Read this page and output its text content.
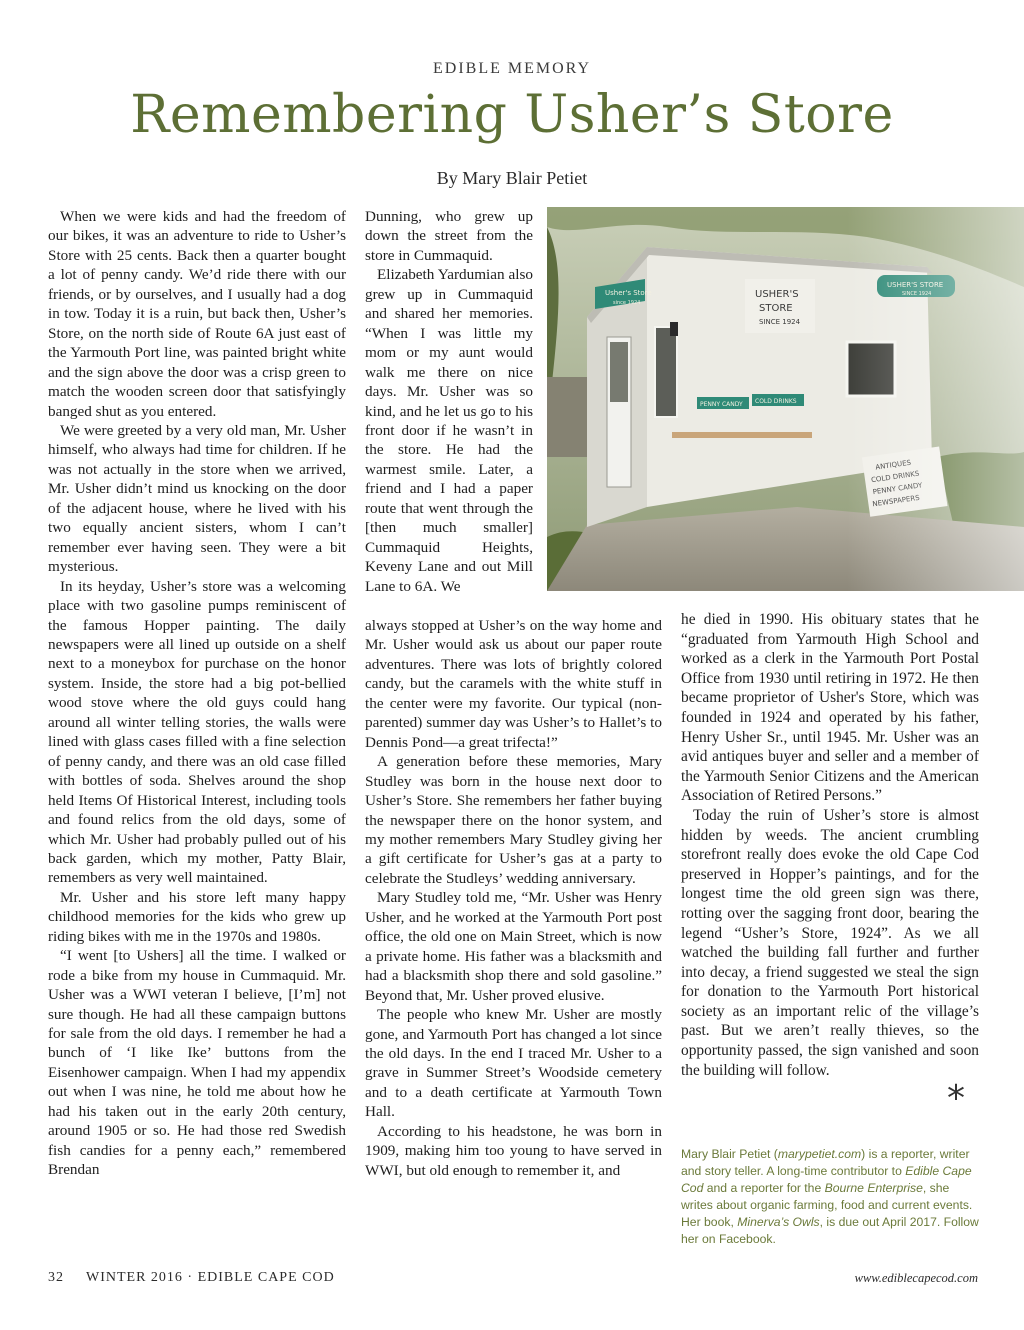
EDIBLE MEMORY
Remembering Usher’s Store
By Mary Blair Petiet

When we were kids and had the freedom of our bikes, it was an adventure to ride to Usher’s Store with 25 cents. Back then a quarter bought a lot of penny candy. We’d ride there with our friends, or by ourselves, and I usually had a dog in tow. Today it is a ruin, but back then, Usher’s Store, on the north side of Route 6A just east of the Yarmouth Port line, was painted bright white and the sign above the door was a crisp green to match the wooden screen door that satisfyingly banged shut as you entered.

We were greeted by a very old man, Mr. Usher himself, who always had time for children. If he was not actually in the store when we arrived, Mr. Usher didn’t mind us knocking on the door of the adjacent house, where he lived with his two equally ancient sisters, whom I can’t remember ever having seen. They were a bit mysterious.

In its heyday, Usher’s store was a welcoming place with two gasoline pumps reminiscent of the famous Hopper painting. The daily newspapers were all lined up outside on a shelf next to a moneybox for purchase on the honor system. Inside, the store had a big pot-bellied wood stove where the old guys could hang around all winter telling stories, the walls were lined with glass cases filled with a fine selection of penny candy, and there was an old case filled with bottles of soda. Shelves around the shop held Items Of Historical Interest, including tools and found relics from the old days, some of which Mr. Usher had probably pulled out of his back garden, which my mother, Patty Blair, remembers as very well maintained.

Mr. Usher and his store left many happy childhood memories for the kids who grew up riding bikes with me in the 1970s and 1980s.

“I went [to Ushers] all the time. I walked or rode a bike from my house in Cummaquid. Mr. Usher was a WWI veteran I believe, [I’m] not sure though. He had all these campaign buttons for sale from the old days. I remember he had a bunch of ‘I like Ike’ buttons from the Eisenhower campaign. When I had my appendix out when I was nine, he told me about how he had his taken out in the early 20th century, around 1905 or so. He had those red Swedish fish candies for a penny each,” remembered Brendan

Dunning, who grew up down the street from the store in Cummaquid.

Elizabeth Yardumian also grew up in Cummaquid and shared her memories. “When I was little my mom or my aunt would walk me there on nice days. Mr. Usher was so kind, and he let us go to his front door if he wasn’t in the store. He had the warmest smile. Later, a friend and I had a paper route that went through the [then much smaller] Cummaquid Heights, Keveny Lane and out Mill Lane to 6A. We

always stopped at Usher’s on the way home and Mr. Usher would ask us about our paper route adventures. There was lots of brightly colored candy, but the caramels with the white stuff in the center were my favorite. Our typical (non-parented) summer day was Usher’s to Hallet’s to Dennis Pond—a great trifecta!”

A generation before these memories, Mary Studley was born in the house next door to Usher’s Store. She remembers her father buying the newspaper there on the honor system, and my mother remembers Mary Studley giving her a gift certificate for Usher’s gas at a party to celebrate the Studleys’ wedding anniversary.

Mary Studley told me, “Mr. Usher was Henry Usher, and he worked at the Yarmouth Port post office, the old one on Main Street, which is now a private home. His father was a blacksmith and had a blacksmith shop there and sold gasoline.” Beyond that, Mr. Usher proved elusive.

The people who knew Mr. Usher are mostly gone, and Yarmouth Port has changed a lot since the old days. In the end I traced Mr. Usher to a grave in Summer Street’s Woodside cemetery and to a death certificate at Yarmouth Town Hall.

According to his headstone, he was born in 1909, making him too young to have served in WWI, but old enough to remember it, and

he died in 1990. His obituary states that he “graduated from Yarmouth High School and worked as a clerk in the Yarmouth Port Postal Office from 1930 until retiring in 1972. He then became proprietor of Usher's Store, which was founded in 1924 and operated by his father, Henry Usher Sr., until 1945. Mr. Usher was an avid antiques buyer and seller and a member of the Yarmouth Senior Citizens and the American Association of Retired Persons.”

Today the ruin of Usher’s store is almost hidden by weeds. The ancient crumbling storefront really does evoke the old Cape Cod preserved in Hopper’s paintings, and for the longest time the old green sign was there, rotting over the sagging front door, bearing the legend “Usher’s Store, 1924”. As we all watched the building fall further and further into decay, a friend suggested we steal the sign for donation to the Yarmouth Port historical society as an important relic of the village’s past. But we aren’t really thieves, so the opportunity passed, the sign vanished and soon the building will follow.

Usher's Store
since 1924
USHER'S
STORE
SINCE 1924
PENNY CANDY COLD DRINKS
*
Mary Blair Petiet (marypetiet.com) is a reporter, writer and story teller. A long-time contributor to Edible Cape Cod and a reporter for the Bourne Enterprise, she writes about organic farming, food and current events. Her book, Minerva’s Owls, is due out April 2017. Follow her on Facebook.
32 WINTER 2016 · EDIBLE CAPE COD	www.ediblecapecod.com
